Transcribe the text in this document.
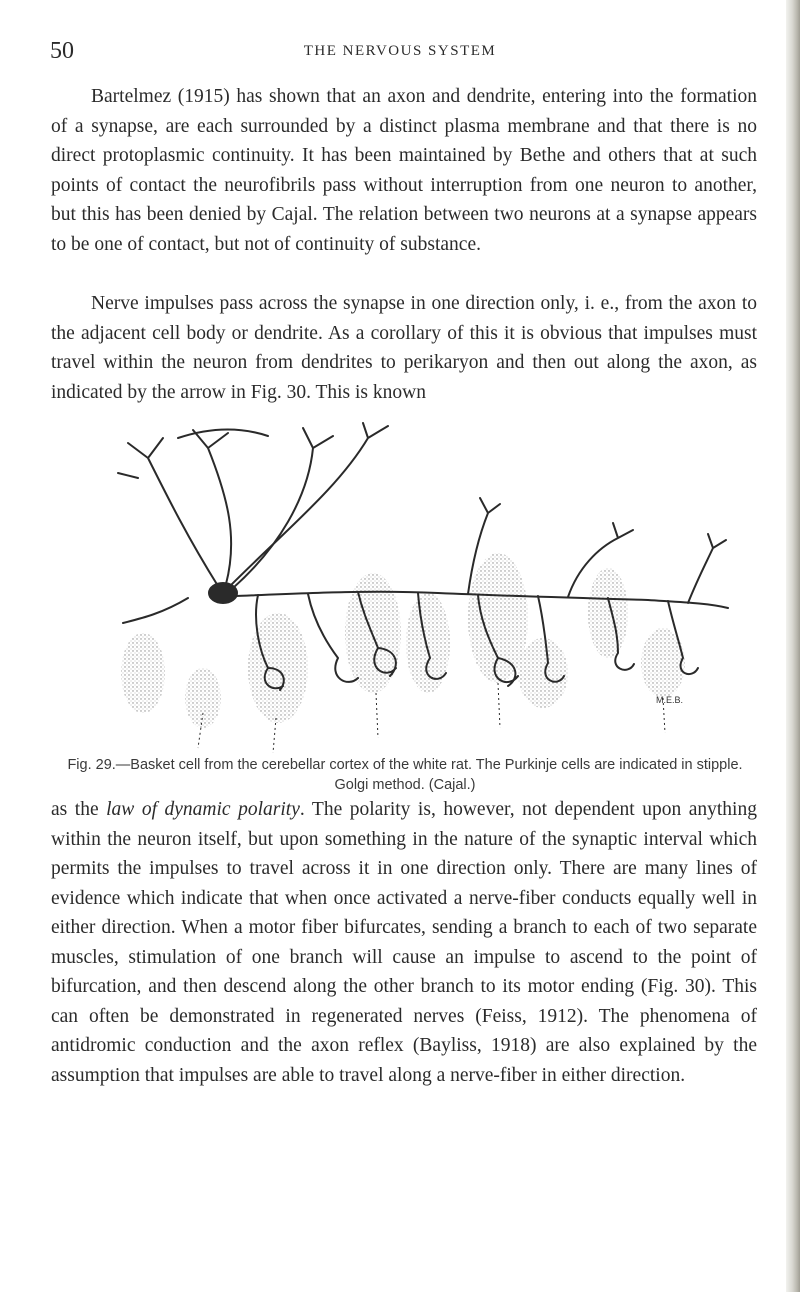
50	THE NERVOUS SYSTEM

Bartelmez (1915) has shown that an axon and dendrite, entering into the formation of a synapse, are each surrounded by a distinct plasma membrane and that there is no direct protoplasmic continuity. It has been maintained by Bethe and others that at such points of contact the neurofibrils pass without interruption from one neuron to another, but this has been denied by Cajal. The relation between two neurons at a synapse appears to be one of contact, but not of continuity of substance.

Nerve impulses pass across the synapse in one direction only, i. e., from the axon to the adjacent cell body or dendrite. As a corollary of this it is obvious that impulses must travel within the neuron from dendrites to perikaryon and then out along the axon, as indicated by the arrow in Fig. 30. This is known

M.E.B.
Fig. 29.—Basket cell from the cerebellar cortex of the white rat. The Purkinje cells are indicated in stipple. Golgi method. (Cajal.)

as the law of dynamic polarity. The polarity is, however, not dependent upon anything within the neuron itself, but upon something in the nature of the synaptic interval which permits the impulses to travel across it in one direction only. There are many lines of evidence which indicate that when once activated a nerve-fiber conducts equally well in either direction. When a motor fiber bifurcates, sending a branch to each of two separate muscles, stimulation of one branch will cause an impulse to ascend to the point of bifurcation, and then descend along the other branch to its motor ending (Fig. 30). This can often be demonstrated in regenerated nerves (Feiss, 1912). The phenomena of antidromic conduction and the axon reflex (Bayliss, 1918) are also explained by the assumption that impulses are able to travel along a nerve-fiber in either direction.
